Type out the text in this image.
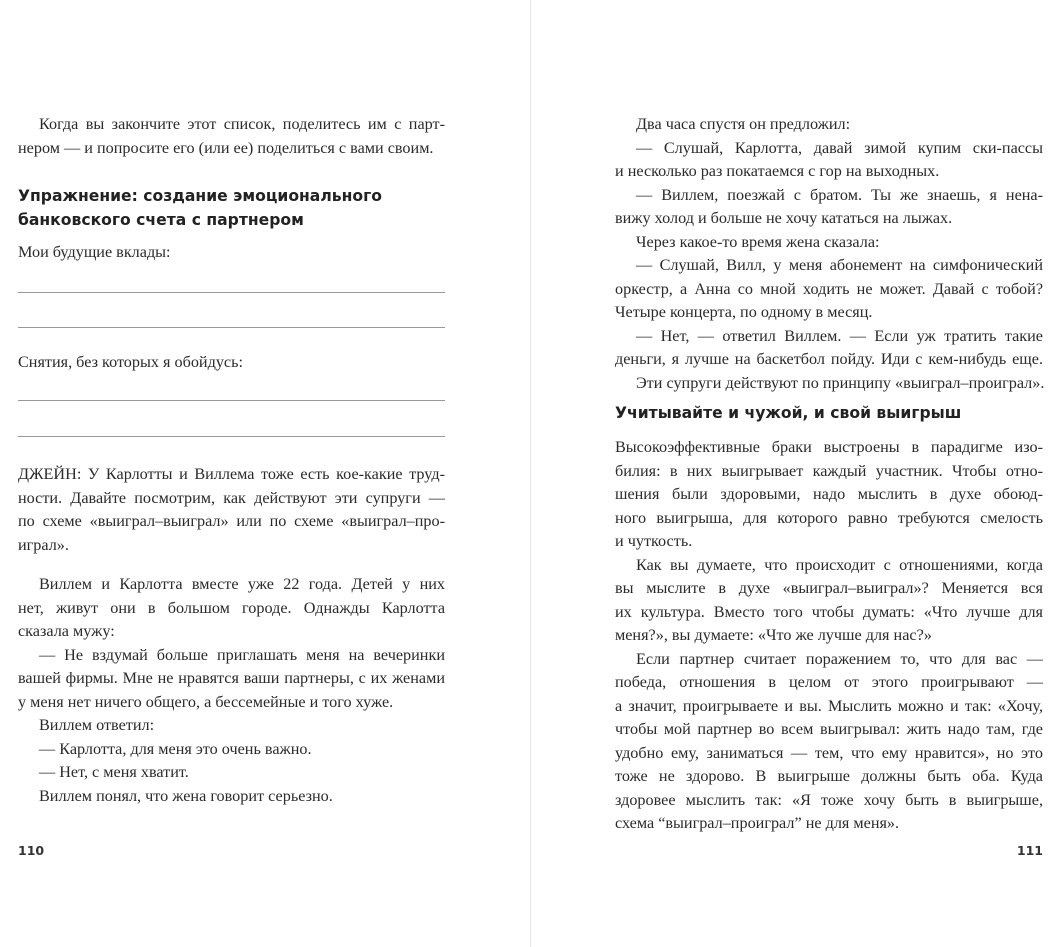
110
Когда вы закончите этот список, поделитесь им с парт-
нером — и попросите его (или ее) поделиться с вами своим.
Упражнение: создание эмоционального
банковского счета с партнером
Мои будущие вклады:
Снятия, без которых я обойдусь:
ДЖЕЙН: У Карлотты и Виллема тоже есть кое-какие труд-
ности. Давайте посмотрим, как действуют эти супруги —
по схеме «выиграл–выиграл» или по схеме «выиграл–про-
играл».
Виллем и Карлотта вместе уже 22 года. Детей у них
нет, живут они в большом городе. Однажды Карлотта
сказала мужу:
— Не вздумай больше приглашать меня на вечеринки
вашей фирмы. Мне не нравятся ваши партнеры, с их женами
у меня нет ничего общего, а бессемейные и того хуже.
Виллем ответил:
— Карлотта, для меня это очень важно.
— Нет, с меня хватит.
Виллем понял, что жена говорит серьезно.
111
Два часа спустя он предложил:
— Слушай, Карлотта, давай зимой купим ски-пассы
и несколько раз покатаемся с гор на выходных.
— Виллем, поезжай с братом. Ты же знаешь, я нена-
вижу холод и больше не хочу кататься на лыжах.
Через какое-то время жена сказала:
— Слушай, Вилл, у меня абонемент на симфонический
оркестр, а Анна со мной ходить не может. Давай с тобой?
Четыре концерта, по одному в месяц.
— Нет, — ответил Виллем. — Если уж тратить такие
деньги, я лучше на баскетбол пойду. Иди с кем-нибудь еще.
Эти супруги действуют по принципу «выиграл–проиграл».
Учитывайте и чужой, и свой выигрыш
Высокоэффективные браки выстроены в парадигме изо-
билия: в них выигрывает каждый участник. Чтобы отно-
шения были здоровыми, надо мыслить в духе обоюд-
ного выигрыша, для которого равно требуются смелость
и чуткость.
Как вы думаете, что происходит с отношениями, когда
вы мыслите в духе «выиграл–выиграл»? Меняется вся
их культура. Вместо того чтобы думать: «Что лучше для
меня?», вы думаете: «Что же лучше для нас?»
Если партнер считает поражением то, что для вас —
победа, отношения в целом от этого проигрывают —
а значит, проигрываете и вы. Мыслить можно и так: «Хочу,
чтобы мой партнер во всем выигрывал: жить надо там, где
удобно ему, заниматься — тем, что ему нравится», но это
тоже не здорово. В выигрыше должны быть оба. Куда
здоровее мыслить так: «Я тоже хочу быть в выигрыше,
схема “выиграл–проиграл” не для меня».
